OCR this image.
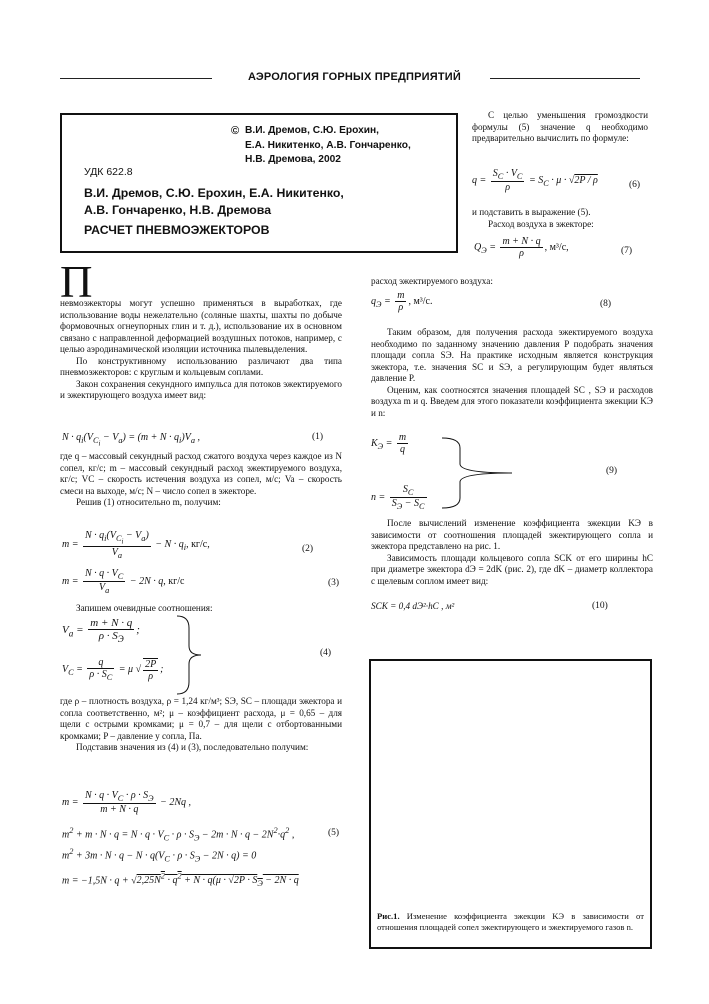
АЭРОЛОГИЯ ГОРНЫХ ПРЕДПРИЯТИЙ
© В.И. Дремов, С.Ю. Ерохин,
Е.А. Никитенко, А.В. Гончаренко,
Н.В. Дремова, 2002
УДК 622.8
В.И. Дремов, С.Ю. Ерохин, Е.А. Никитенко,
А.В. Гончаренко, Н.В. Дремова
РАСЧЕТ ПНЕВМОЭЖЕКТОРОВ
С целью уменьшения громоздкости формулы (5) значение q необходимо предварительно вычислить по формуле:
$q = \frac{S_C \cdot V_C}{\rho} = S_C \cdot \mu \cdot √2P / \rho$	(6)
и подставить в выражение (5).
Расход воздуха в эжекторе:
$Q_Э = \frac{m + N \cdot q}{\rho}$ , м³/с,	(7)
П
невмоэжекторы могут успешно применяться в выработках, где использование воды нежелательно (соляные шахты, шахты по добыче формовочных огнеупорных глин и т. д.), использование их в основном связано с направленной деформацией воздушных потоков, например, с целью аэродинамической изоляции источника пылевыделения.
По конструктивному использованию различают два типа пневмоэжекторов: с круглым и кольцевым соплами.
Закон сохранения секундного импульса для потоков эжектируемого и эжектирующего воздуха имеет вид:
$N \cdot q_i(V_{C_i} - V_a) = (m + N \cdot q_i)V_a$ ,	(1)
где q – массовый секундный расход сжатого воздуха через каждое из N сопел, кг/с; m – массовый секундный расход эжектируемого воздуха, кг/с; VC – скорость истечения воздуха из сопел, м/с; Va – скорость смеси на выходе, м/с; N – число сопел в эжекторе.
Решив (1) относительно m, получим:
$m = \frac{N \cdot q_i(V_{C_i} - V_a)}{V_a} - N \cdot q_i$, кг/с,	(2)
$m = \frac{N \cdot q \cdot V_C}{V_a} - 2N \cdot q$, кг/с	(3)
Запишем очевидные соотношения:
$V_a = \frac{m + N \cdot q}{\rho \cdot S_Э}$ ;
$V_C = \frac{q}{\rho \cdot S_C} = \mu$ √ $\frac{2P}{\rho}$ ;
(4)
где ρ – плотность воздуха, ρ = 1,24 кг/м³; SЭ, SC – площади эжектора и сопла соответственно, м²; μ – коэффициент расхода, μ = 0,65 – для щели с острыми кромками; μ = 0,7 – для щели с отбортованными кромками; P – давление у сопла, Па.
Подставив значения из (4) и (3), последовательно получим:
$m = \frac{N \cdot q \cdot V_C \cdot \rho \cdot S_Э}{m + N \cdot q} - 2Nq$ ,
$m^2 + m \cdot N \cdot q = N \cdot q \cdot V_C \cdot \rho \cdot S_Э - 2m \cdot N \cdot q - 2N^2\cdot q^2$ ,	(5)
$m^2 + 3m \cdot N \cdot q - N \cdot q(V_C \cdot \rho \cdot S_Э - 2N \cdot q) = 0$
$m = -1,5N \cdot q + √2,25N^2 \cdot q^2 + N \cdot q(\mu \cdot √2P \cdot S_Э - 2N \cdot q$
расход эжектируемого воздуха:
$q_Э = \frac{m}{\rho}$ , м³/с.	(8)
Таким образом, для получения расхода эжектируемого воздуха необходимо по заданному значению давления P подобрать значения площади сопла SЭ. На практике исходным является конструкция эжектора, т.е. значения SC и SЭ, а регулирующим будет являться давление P.
Оценим, как соотносятся значения площадей SC , SЭ и расходов воздуха m и q. Введем для этого показатели коэффициента эжекции KЭ и n:
$K_Э = \frac{m}{q}$
$n = \frac{S_C}{S_Э - S_C}$
(9)
После вычислений изменение коэффициента эжекции KЭ в зависимости от соотношения площадей эжектирующего сопла и эжектора представлено на рис. 1.
Зависимость площади кольцевого сопла SCK от его ширины hC при диаметре эжектора dЭ = 2dK (рис. 2), где dK – диаметр коллектора с щелевым соплом имеет вид:
SCK = 0,4 dЭ²·hC , м²	(10)
Рис.1. Изменение коэффициента эжекции KЭ в зависимости от отношения площадей сопел эжектирующего и эжектируемого газов n.
